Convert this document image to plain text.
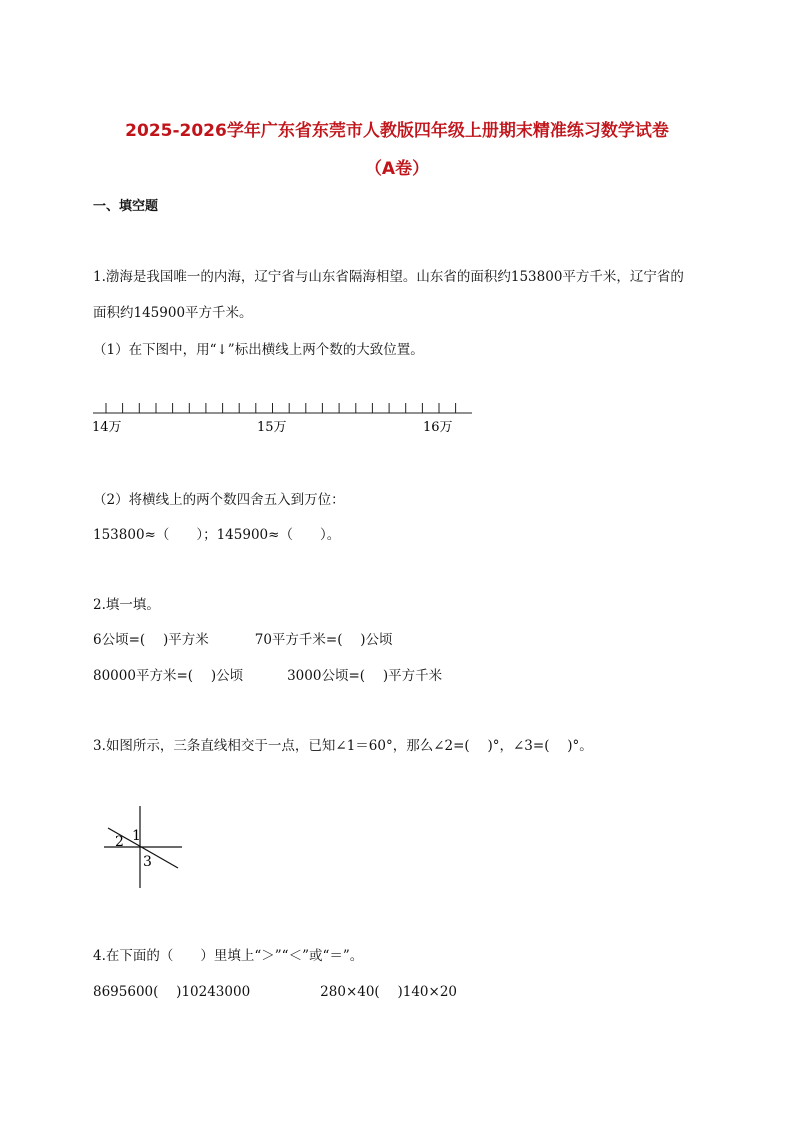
2025-2026学年广东省东莞市人教版四年级上册期末精准练习数学试卷
（A卷）
一、填空题
1.渤海是我国唯一的内海，辽宁省与山东省隔海相望。山东省的面积约153800平方千米，辽宁省的
面积约145900平方千米。
（1）在下图中，用“↓”标出横线上两个数的大致位置。
14万	15万	16万
（2）将横线上的两个数四舍五入到万位：
153800≈（　　）；145900≈（　　）。
2.填一填。
6公顷=(　 )平方米	70平方千米=(　 )公顷
80000平方米=(　 )公顷	3000公顷=(　 )平方千米
3.如图所示，三条直线相交于一点，已知∠1＝60°，那么∠2=(　 )°，∠3=(　 )°。
1
2
3
4.在下面的（　　）里填上“＞”“＜”或“＝”。
8695600(　 )10243000	280×40(　 )140×20
